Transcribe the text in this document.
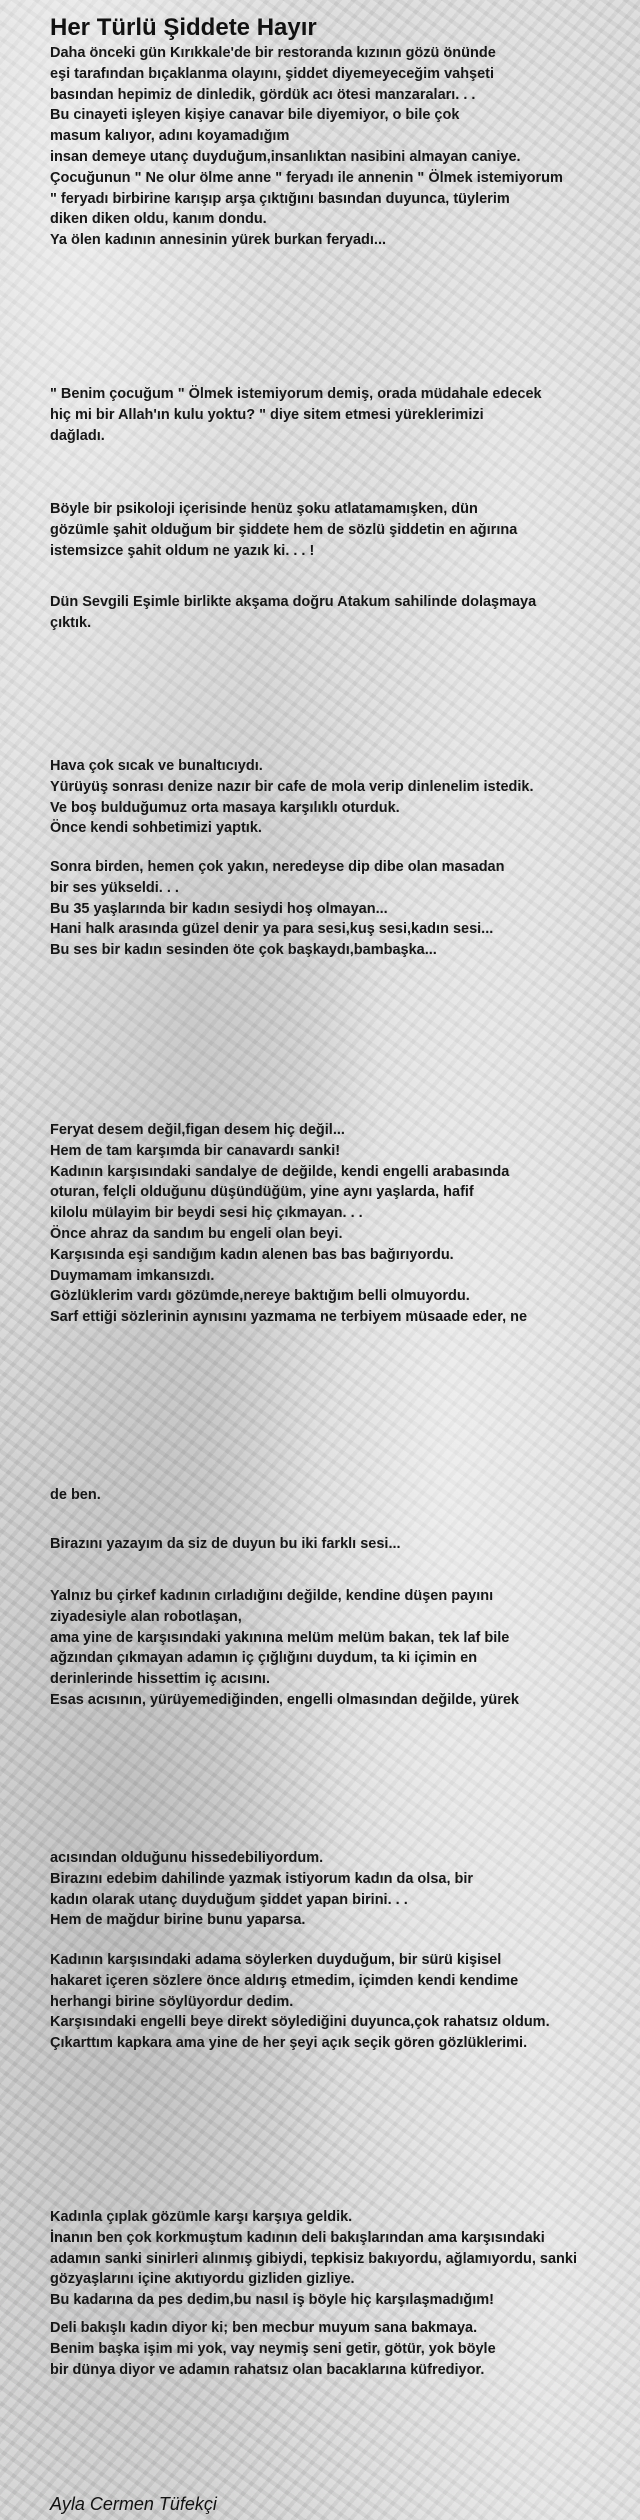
Her Türlü Şiddete Hayır

Daha önceki gün Kırıkkale'de bir restoranda kızının gözü önünde
eşi tarafından bıçaklanma olayını, şiddet diyemeyeceğim vahşeti
basından hepimiz de dinledik, gördük acı ötesi manzaraları. . .
Bu cinayeti işleyen kişiye canavar bile diyemiyor, o bile çok
masum kalıyor, adını koyamadığım
insan demeye utanç duyduğum,insanlıktan nasibini almayan caniye.
Çocuğunun " Ne olur ölme anne " feryadı ile annenin " Ölmek istemiyorum
" feryadı birbirine karışıp arşa çıktığını basından duyunca, tüylerim
diken diken oldu, kanım dondu.
Ya ölen kadının annesinin yürek burkan feryadı...

" Benim çocuğum " Ölmek istemiyorum demiş, orada müdahale edecek
hiç mi bir Allah'ın kulu yoktu? " diye sitem etmesi yüreklerimizi
dağladı.

Böyle bir psikoloji içerisinde henüz şoku atlatamamışken, dün
gözümle şahit olduğum bir şiddete hem de sözlü şiddetin en ağırına
istemsizce şahit oldum ne yazık ki. . . !

Dün Sevgili Eşimle birlikte akşama doğru Atakum sahilinde dolaşmaya
çıktık.

Hava çok sıcak ve bunaltıcıydı.
Yürüyüş sonrası denize nazır bir cafe de mola verip dinlenelim istedik.
Ve boş bulduğumuz orta masaya karşılıklı oturduk.
Önce kendi sohbetimizi yaptık.

Sonra birden, hemen çok yakın, neredeyse dip dibe olan masadan
bir ses yükseldi. . .
Bu 35 yaşlarında bir kadın sesiydi hoş olmayan...
Hani halk arasında güzel denir ya para sesi,kuş sesi,kadın sesi...
Bu ses bir kadın sesinden öte çok başkaydı,bambaşka...

Feryat desem değil,figan desem hiç değil...
Hem de tam karşımda bir canavardı sanki!
Kadının karşısındaki sandalye de değilde, kendi engelli arabasında
oturan, felçli olduğunu düşündüğüm, yine aynı yaşlarda, hafif
kilolu mülayim bir beydi sesi hiç çıkmayan. . .
Önce ahraz da sandım bu engeli olan beyi.
Karşısında eşi sandığım kadın alenen bas bas bağırıyordu.
Duymamam imkansızdı.
Gözlüklerim vardı gözümde,nereye baktığım belli olmuyordu.
Sarf ettiği sözlerinin aynısını yazmama ne terbiyem müsaade eder, ne

de ben.

Birazını yazayım da siz de duyun bu iki farklı sesi...

Yalnız bu çirkef kadının cırladığını değilde, kendine düşen payını
ziyadesiyle alan robotlaşan,
ama yine de karşısındaki yakınına melüm melüm bakan, tek laf bile
ağzından çıkmayan adamın iç çığlığını duydum, ta ki içimin en
derinlerinde hissettim iç acısını.
Esas acısının, yürüyemediğinden, engelli olmasından değilde, yürek

acısından olduğunu hissedebiliyordum.
Birazını edebim dahilinde yazmak istiyorum kadın da olsa, bir
kadın olarak utanç duyduğum şiddet yapan birini. . .
Hem de mağdur birine bunu yaparsa.

Kadının karşısındaki adama söylerken duyduğum, bir sürü kişisel
hakaret içeren sözlere önce aldırış etmedim, içimden kendi kendime
herhangi birine söylüyordur dedim.
Karşısındaki engelli beye direkt söylediğini duyunca,çok rahatsız oldum.
Çıkarttım kapkara ama yine de her şeyi açık seçik gören gözlüklerimi.

Kadınla çıplak gözümle karşı karşıya geldik.
İnanın ben çok korkmuştum kadının deli bakışlarından ama karşısındaki
adamın sanki sinirleri alınmış gibiydi, tepkisiz bakıyordu, ağlamıyordu, sanki
gözyaşlarını içine akıtıyordu gizliden gizliye.
Bu kadarına da pes dedim,bu nasıl iş böyle hiç karşılaşmadığım!

Deli bakışlı kadın diyor ki; ben mecbur muyum sana bakmaya.
Benim başka işim mi yok, vay neymiş seni getir, götür, yok böyle
bir dünya diyor ve adamın rahatsız olan bacaklarına küfrediyor.

Ayla Cermen Tüfekçi
